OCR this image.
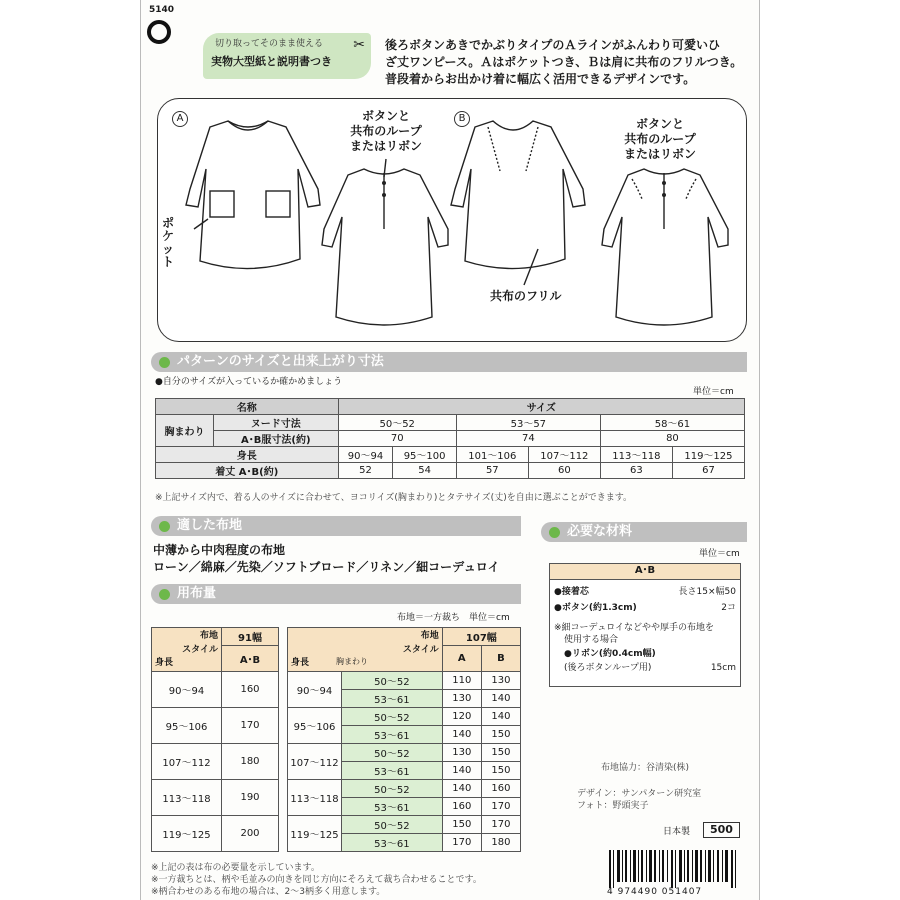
5140
切り取ってそのまま使える
実物大型紙と説明書つき
✂ 後ろボタンあきでかぶりタイプのＡラインがふんわり可愛いひ
ざ丈ワンピース。Ａはポケットつき、Ｂは肩に共布のフリルつき。
普段着からお出かけ着に幅広く活用できるデザインです。
A	B
ポケット
ボタンと
共布のループ
またはリボン
ボタンと
共布のループ
またはリボン
共布のフリル
パターンのサイズと出来上がり寸法
●自分のサイズが入っているか確かめましょう
単位＝cm
名称		サイズ					
胸まわり	ヌード寸法	50〜52		53〜57		58〜61	
	A･B服寸法(約)	70		74		80	
身長		90〜94	95〜100	101〜106	107〜112	113〜118	119〜125
着丈 A･B(約)		52	54	57	60	63	67
※上記サイズ内で、着る人のサイズに合わせて、ヨコリイズ(胸まわり)とタテサイズ(丈)を自由に選ぶことができます。
適した布地
中薄から中肉程度の布地
ローン／綿麻／先染／ソフトブロード／リネン／細コーデュロイ
必要な材料
単位＝cm
A･B
●接着芯	長さ15×幅50
●ボタン(約1.3cm)	2コ
※細コーデュロイなどやや厚手の布地を
使用する場合
●リボン(約0.4cm幅)
(後ろボタンループ用)	15cm
用布量
布地＝一方裁ち　単位＝cm
布地
スタイル
身長	91幅
	A･B
90〜94	160
95〜106	170
107〜112	180
113〜118	190
119〜125	200
布地
スタイル
胸まわり
身長		107幅	
		A	B
90〜94	50〜52	110	130
	53〜61	130	140
95〜106	50〜52	120	140
	53〜61	140	150
107〜112	50〜52	130	150
	53〜61	140	150
113〜118	50〜52	140	160
	53〜61	160	170
119〜125	50〜52	150	170
	53〜61	170	180
※上記の表は布の必要量を示しています。
※一方裁ちとは、柄や毛並みの向きを同じ方向にそろえて裁ち合わせることです。
※柄合わせのある布地の場合は、2〜3柄多く用意します。
布地協力：谷清染(株)
デザイン：サンパターン研究室
フォト：野頭実子
日本製	500
4 974490 051407
